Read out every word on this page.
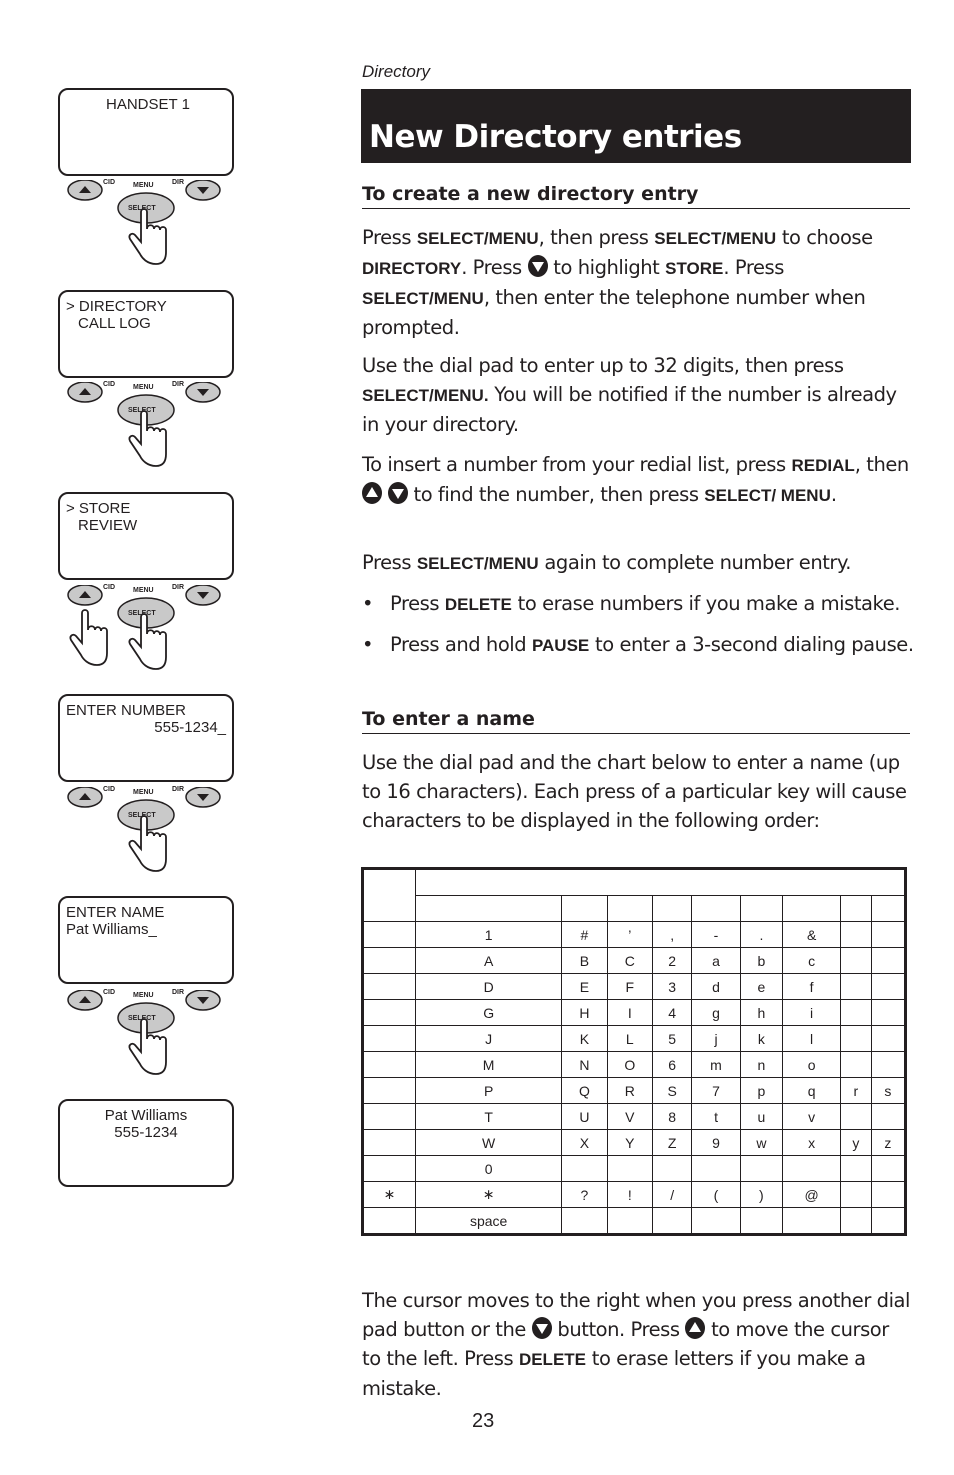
Directory
New Directory entries
To create a new directory entry

Press SELECT/MENU, then press SELECT/MENU to choose DIRECTORY. Press  to highlight STORE. Press SELECT/MENU, then enter the telephone number when prompted.

Use the dial pad to enter up to 32 digits, then press SELECT/MENU. You will be notified if the number is already in your directory.

To insert a number from your redial list, press REDIAL, then   to find the number, then press SELECT/ MENU.

Press SELECT/MENU again to complete number entry.

• Press DELETE to erase numbers if you make a mistake.
• Press and hold PAUSE to enter a 3-second dialing pause.
To enter a name

Use the dial pad and the chart below to enter a name (up to 16 characters). Each press of a particular key will cause characters to be displayed in the following order:

	1	#	’	,	-	.	&		
	A	B	C	2	a	b	c		
	D	E	F	3	d	e	f		
	G	H	I	4	g	h	i		
	J	K	L	5	j	k	l		
	M	N	O	6	m	n	o		
	P	Q	R	S	7	p	q	r	s
	T	U	V	8	t	u	v		
	W	X	Y	Z	9	w	x	y	z
	0								
∗	∗	?	!	/	(	)	@		
	space								

The cursor moves to the right when you press another dial pad button or the  button. Press  to move the cursor to the left. Press DELETE to erase letters if you make a mistake.

23
HANDSET 1
CID	MENU	DIR
SELECT
> DIRECTORY
CALL LOG
CID	MENU	DIR
SELECT
> STORE
REVIEW
CID	MENU	DIR
SELECT
ENTER NUMBER
555-1234_
CID	MENU	DIR
SELECT
ENTER NAME
Pat Williams_
CID	MENU	DIR
SELECT
Pat Williams
555-1234
